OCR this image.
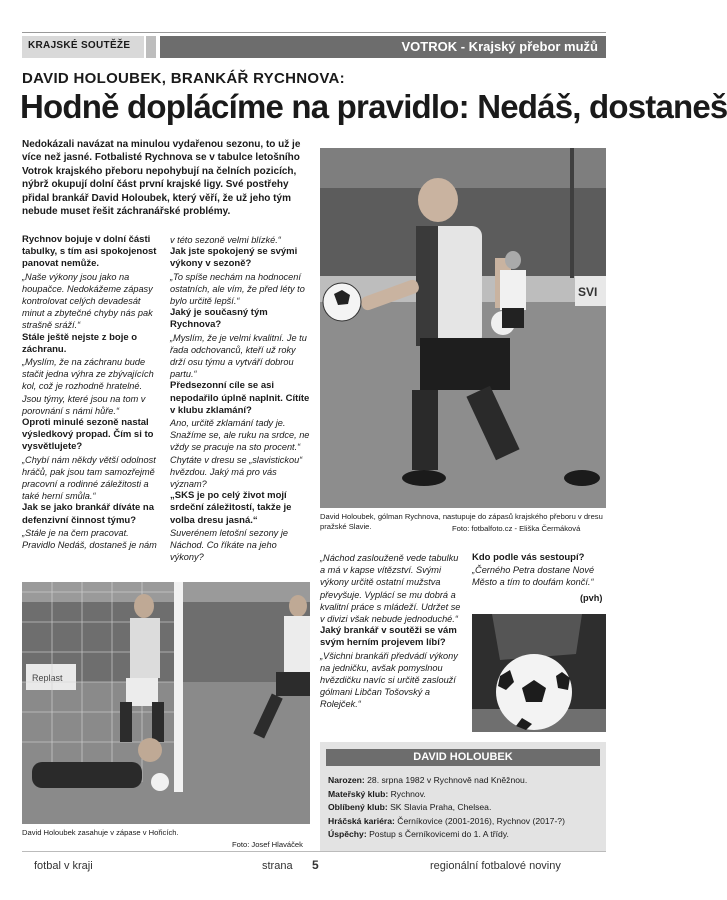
KRAJSKÉ SOUTĚŽE	VOTROK - Krajský přebor mužů
DAVID HOLOUBEK, BRANKÁŘ RYCHNOVA:
Hodně doplácíme na pravidlo: Nedáš, dostaneš
Nedokázali navázat na minulou vydařenou sezonu, to už je více než jasné. Fotbalisté Rychnova se v tabulce letošního Votrok krajského přeboru nepohybují na čelních pozicích, nýbrž okupují dolní část první krajské ligy. Své postřehy přidal brankář David Holoubek, který věří, že už jeho tým nebude muset řešit záchranářské problémy.

Rychnov bojuje v dolní části tabulky, s tím asi spokojenost panovat nemůže.

„Naše výkony jsou jako na houpačce. Nedokážeme zápasy kontrolovat celých devadesát minut a zbytečné chyby nás pak strašně sráží.“

Stále ještě nejste z boje o záchranu.

„Myslím, že na záchranu bude stačit jedna výhra ze zbývajících kol, což je rozhodně hratelné. Jsou týmy, které jsou na tom v porovnání s námi hůře.“

Oproti minulé sezoně nastal výsledkový propad. Čím si to vysvětlujete?

„Chybí nám někdy větší odolnost hráčů, pak jsou tam samozřejmě pracovní a rodinné záležitosti a také herní smůla.“

Jak se jako brankář díváte na defenzivní činnost týmu?

„Stále je na čem pracovat. Pravidlo Nedáš, dostaneš je nám

v této sezoně velmi blízké.“

Jak jste spokojený se svými výkony v sezoně?

„To spíše nechám na hodnocení ostatních, ale vím, že před léty to bylo určitě lepší.“

Jaký je současný tým Rychnova?

„Myslím, že je velmi kvalitní. Je tu řada odchovanců, kteří už roky drží osu týmu a vytváří dobrou partu.“

Předsezonní cíle se asi nepodařilo úplně naplnit. Cítíte v klubu zklamání?

Ano, určitě zklamání tady je. Snažíme se, ale ruku na srdce, ne vždy se pracuje na sto procent.“

Chytáte v dresu se „slavistickou“ hvězdou. Jaký má pro vás význam?

„SKS je po celý život mojí srdeční záležitostí, takže je volba dresu jasná.“

Suverénem letošní sezony je Náchod. Co říkáte na jeho výkony?

SVI
David Holoubek, gólman Rychnova, nastupuje do zápasů krajského přeboru v dresu pražské Slavie.	Foto: fotbalfoto.cz - Eliška Čermáková
Replast
David Holoubek zasahuje v zápase v Hořicích.
Foto: Josef Hlaváček

„Náchod zaslouženě vede tabulku a má v kapse vítězství. Svými výkony určitě ostatní mužstva převyšuje. Vyplácí se mu dobrá a kvalitní práce s mládeží. Udržet se v divizi však nebude jednoduché.“

Jaký brankář v soutěži se vám svým herním projevem líbí?

„Všichni brankáři předvádí výkony na jedničku, avšak pomyslnou hvězdičku navíc si určitě zaslouží gólmani Libčan Tošovský a Rolejček.“

Kdo podle vás sestoupí?

„Černého Petra dostane Nové Město a tím to doufám končí.“

(pvh)
DAVID HOLOUBEK
Narozen: 28. srpna 1982 v Rychnově nad Kněžnou.
Mateřský klub: Rychnov.
Oblíbený klub: SK Slavia Praha, Chelsea.
Hráčská kariéra: Černíkovice (2001-2016), Rychnov (2017-?)
Úspěchy: Postup s Černíkovicemi do 1. A třídy.
fotbal v kraji	strana 5	regionální fotbalové noviny
